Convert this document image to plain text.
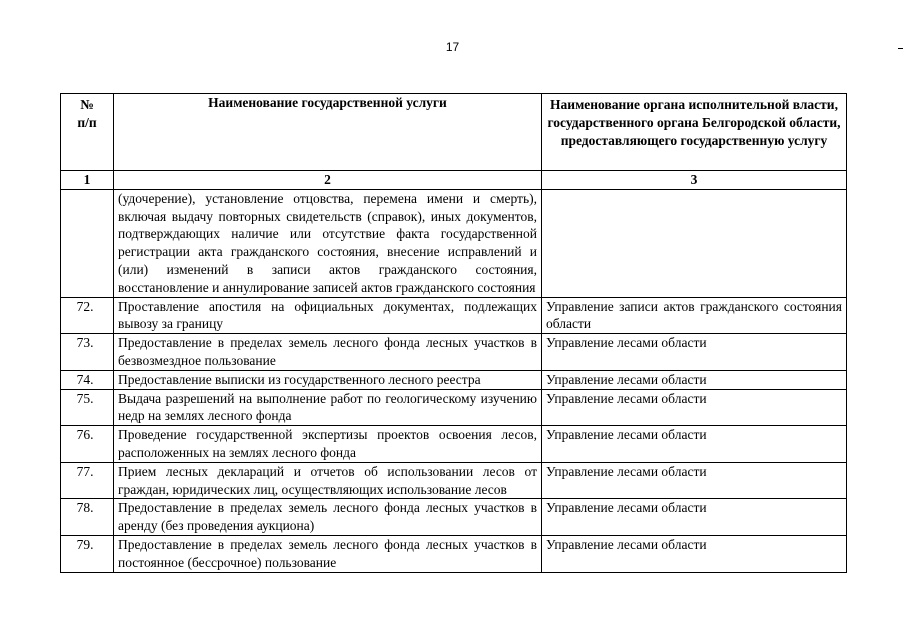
17
№
п/п	Наименование государственной услуги	Наименование органа исполнительной власти, государственного органа Белгородской области, предоставляющего государственную услугу
1	2	3
	(удочерение), установление отцовства, перемена имени и смерть), включая выдачу повторных свидетельств (справок), иных документов, подтверждающих наличие или отсутствие факта государственной регистрации акта гражданского состояния, внесение исправлений и (или) изменений в записи актов гражданского состояния, восстановление и аннулирование записей актов гражданского состояния	
72.	Проставление апостиля на официальных документах, подлежащих вывозу за границу	Управление записи актов гражданского состояния области
73.	Предоставление в пределах земель лесного фонда лесных участков в безвозмездное пользование	Управление лесами области
74.	Предоставление выписки из государственного лесного реестра	Управление лесами области
75.	Выдача разрешений на выполнение работ по геологическому изучению недр на землях лесного фонда	Управление лесами области
76.	Проведение государственной экспертизы проектов освоения лесов, расположенных на землях лесного фонда	Управление лесами области
77.	Прием лесных деклараций и отчетов об использовании лесов от граждан, юридических лиц, осуществляющих использование лесов	Управление лесами области
78.	Предоставление в пределах земель лесного фонда лесных участков в аренду (без проведения аукциона)	Управление лесами области
79.	Предоставление в пределах земель лесного фонда лесных участков в постоянное (бессрочное) пользование	Управление лесами области
